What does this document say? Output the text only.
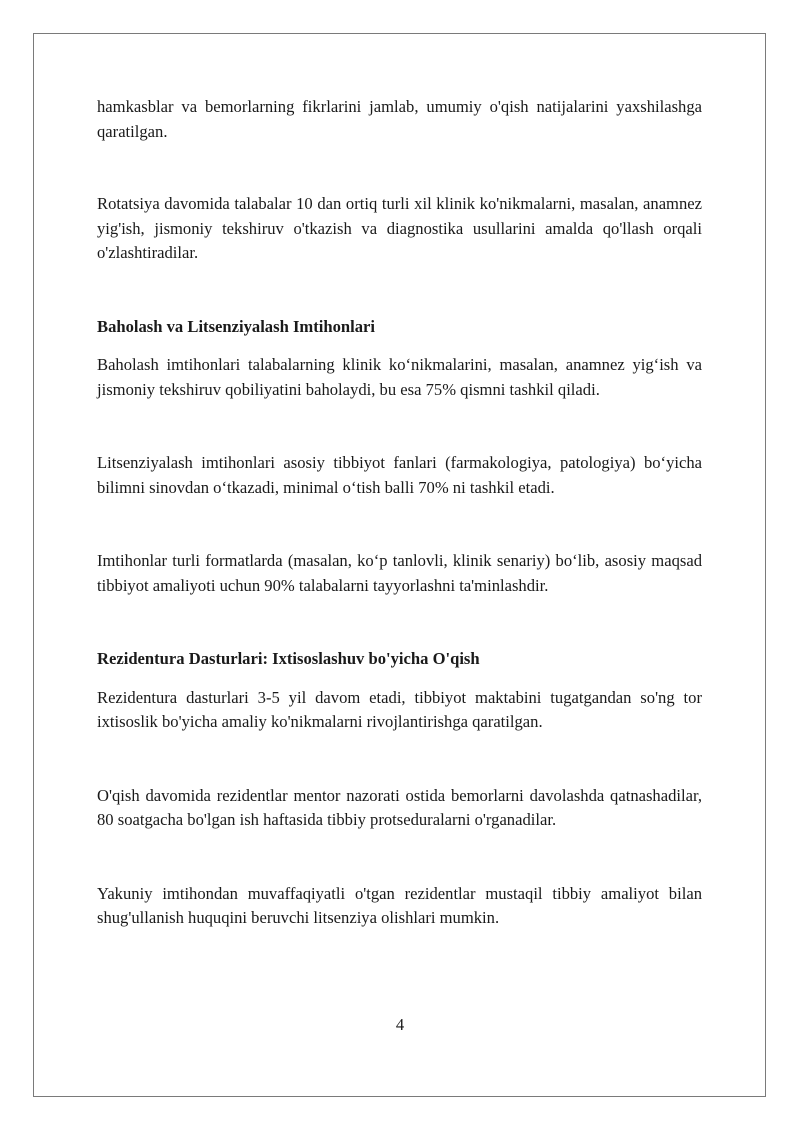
hamkasblar va bemorlarning fikrlarini jamlab, umumiy o'qish natijalarini yaxshilashga qaratilgan.

Rotatsiya davomida talabalar 10 dan ortiq turli xil klinik ko'nikmalarni, masalan, anamnez yig'ish, jismoniy tekshiruv o'tkazish va diagnostika usullarini amalda qo'llash orqali o'zlashtiradilar.

Baholash va Litsenziyalash Imtihonlari

Baholash imtihonlari talabalarning klinik ko‘nikmalarini, masalan, anamnez yig‘ish va jismoniy tekshiruv qobiliyatini baholaydi, bu esa 75% qismni tashkil qiladi.

Litsenziyalash imtihonlari asosiy tibbiyot fanlari (farmakologiya, patologiya) bo‘yicha bilimni sinovdan o‘tkazadi, minimal o‘tish balli 70% ni tashkil etadi.

Imtihonlar turli formatlarda (masalan, ko‘p tanlovli, klinik senariy) bo‘lib, asosiy maqsad tibbiyot amaliyoti uchun 90% talabalarni tayyorlashni ta'minlashdir.

Rezidentura Dasturlari: Ixtisoslashuv bo'yicha O'qish

Rezidentura dasturlari 3-5 yil davom etadi, tibbiyot maktabini tugatgandan so'ng tor ixtisoslik bo'yicha amaliy ko'nikmalarni rivojlantirishga qaratilgan.

O'qish davomida rezidentlar mentor nazorati ostida bemorlarni davolashda qatnashadilar, 80 soatgacha bo'lgan ish haftasida tibbiy protseduralarni o'rganadilar.

Yakuniy imtihondan muvaffaqiyatli o'tgan rezidentlar mustaqil tibbiy amaliyot bilan shug'ullanish huquqini beruvchi litsenziya olishlari mumkin.

4
